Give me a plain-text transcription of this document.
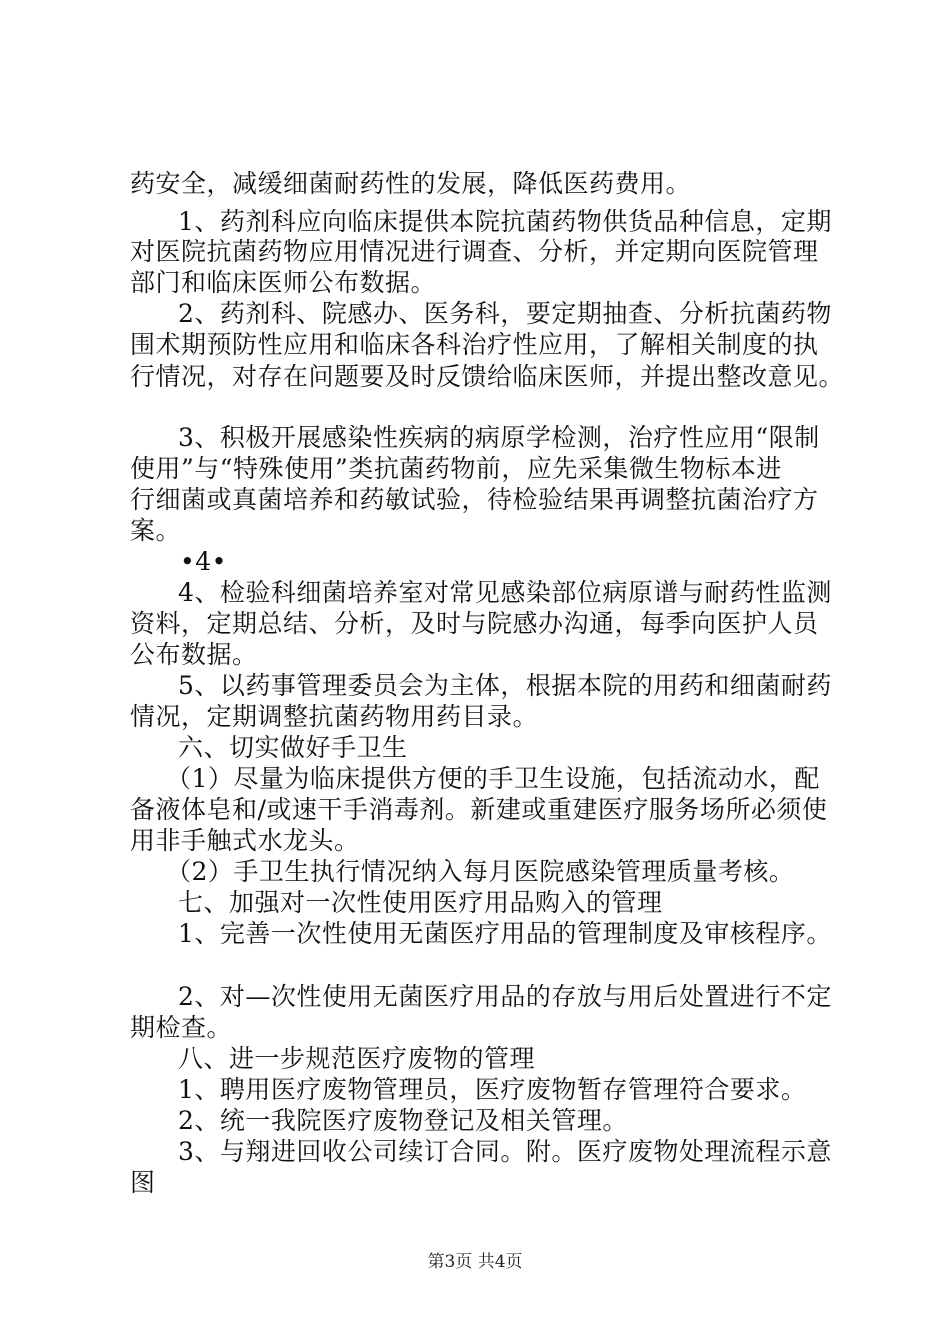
药安全，减缓细菌耐药性的发展，降低医药费用。
1、药剂科应向临床提供本院抗菌药物供货品种信息，定期
对医院抗菌药物应用情况进行调查、分析，并定期向医院管理
部门和临床医师公布数据。
2、药剂科、院感办、医务科，要定期抽查、分析抗菌药物
围术期预防性应用和临床各科治疗性应用，了解相关制度的执
行情况，对存在问题要及时反馈给临床医师，并提出整改意见。
3、积极开展感染性疾病的病原学检测，治疗性应用“限制
使用”与“特殊使用”类抗菌药物前，应先采集微生物标本进
行细菌或真菌培养和药敏试验，待检验结果再调整抗菌治疗方
案。
•4•
4、检验科细菌培养室对常见感染部位病原谱与耐药性监测
资料，定期总结、分析，及时与院感办沟通，每季向医护人员
公布数据。
5、以药事管理委员会为主体，根据本院的用药和细菌耐药
情况，定期调整抗菌药物用药目录。
六、切实做好手卫生
（1）尽量为临床提供方便的手卫生设施，包括流动水，配
备液体皂和/或速干手消毒剂。新建或重建医疗服务场所必须使
用非手触式水龙头。
（2）手卫生执行情况纳入每月医院感染管理质量考核。
七、加强对一次性使用医疗用品购入的管理
1、完善一次性使用无菌医疗用品的管理制度及审核程序。
2、对—次性使用无菌医疗用品的存放与用后处置进行不定
期检查。
八、进一步规范医疗废物的管理
1、聘用医疗废物管理员，医疗废物暂存管理符合要求。
2、统一我院医疗废物登记及相关管理。
3、与翔进回收公司续订合同。附。医疗废物处理流程示意
图
第3页 共4页
